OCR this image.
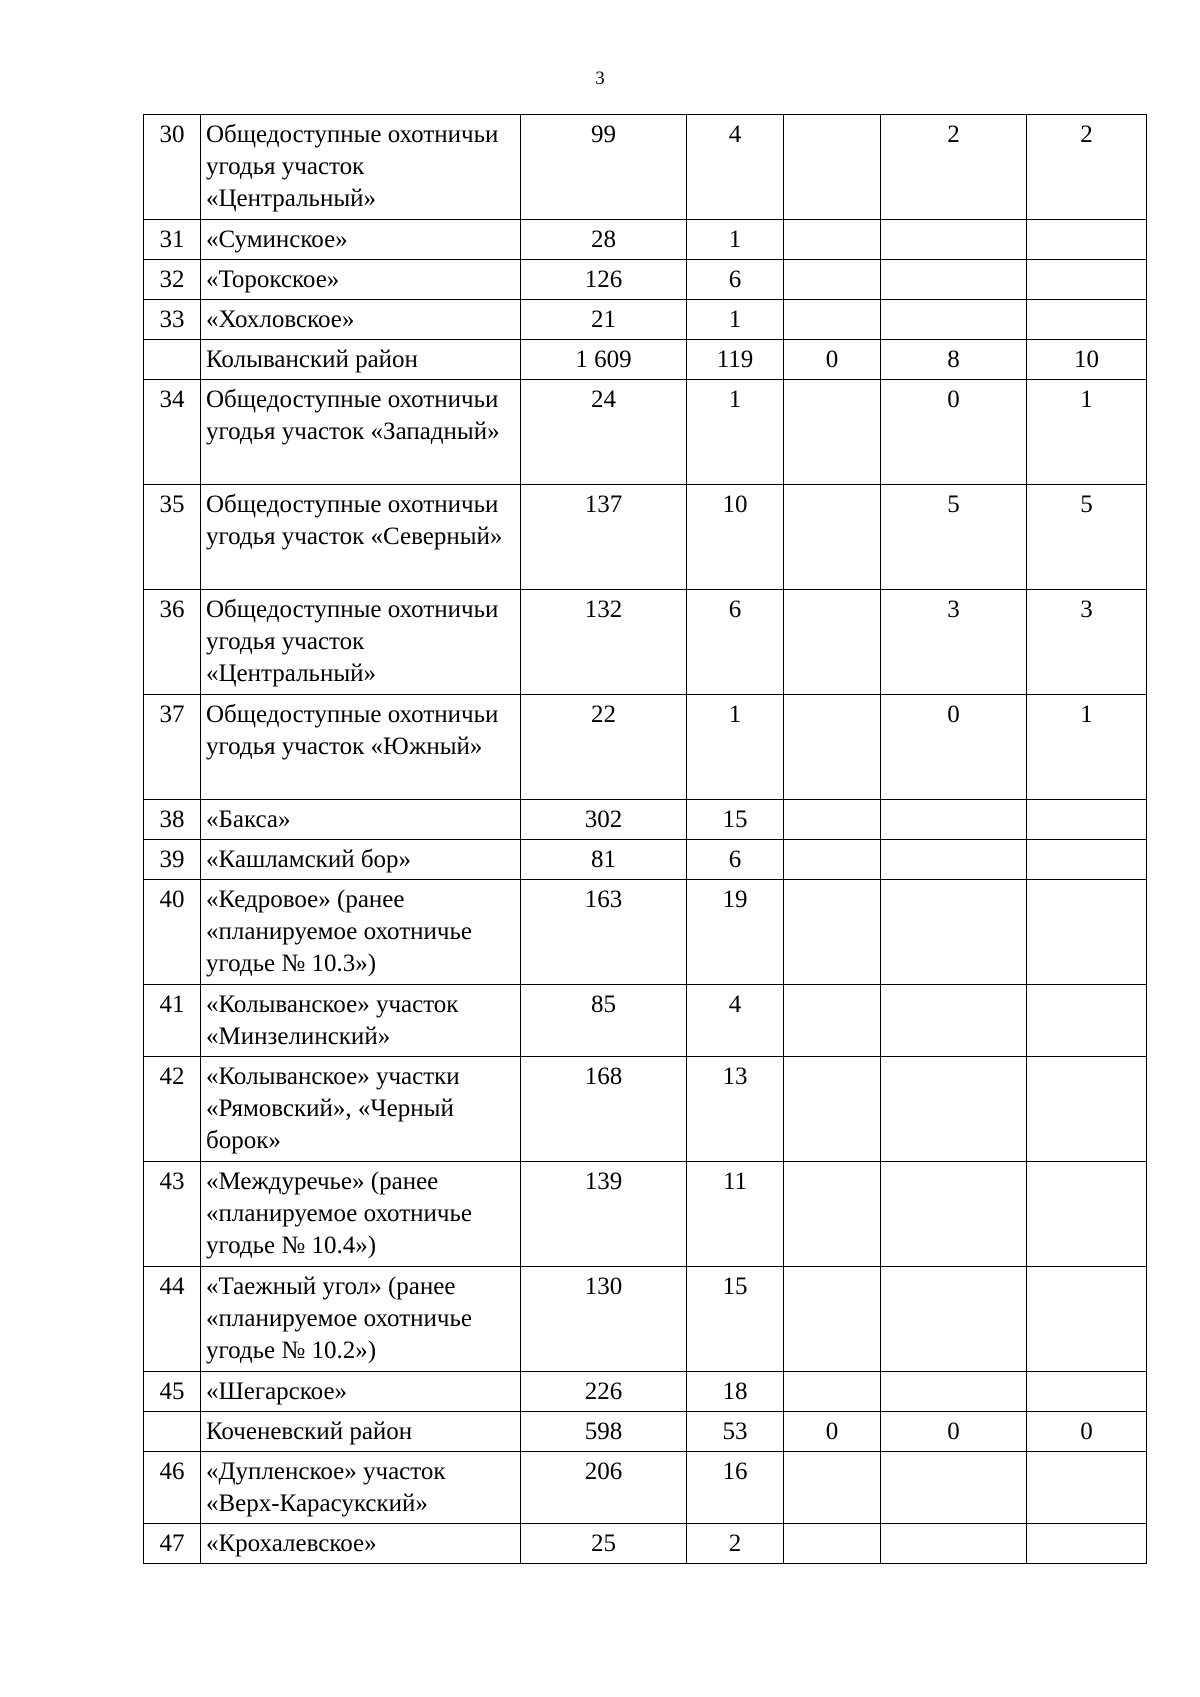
3
30	Общедоступные охотничьи угодья участок «Центральный»	99	4		2	2
31	«Суминское»	28	1			
32	«Торокское»	126	6			
33	«Хохловское»	21	1			
	Колыванский район	1 609	119	0	8	10
34	Общедоступные охотничьи угодья участок «Западный»	24	1		0	1
35	Общедоступные охотничьи угодья участок «Северный»	137	10		5	5
36	Общедоступные охотничьи угодья участок «Центральный»	132	6		3	3
37	Общедоступные охотничьи угодья участок «Южный»	22	1		0	1
38	«Бакса»	302	15			
39	«Кашламский бор»	81	6			
40	«Кедровое» (ранее «планируемое охотничье угодье № 10.3»)	163	19			
41	«Колыванское» участок «Минзелинский»	85	4			
42	«Колыванское» участки «Рямовский», «Черный борок»	168	13			
43	«Междуречье» (ранее «планируемое охотничье угодье № 10.4»)	139	11			
44	«Таежный угол» (ранее «планируемое охотничье угодье № 10.2»)	130	15			
45	«Шегарское»	226	18			
	Коченевский район	598	53	0	0	0
46	«Дупленское» участок «Верх-Карасукский»	206	16			
47	«Крохалевское»	25	2			
